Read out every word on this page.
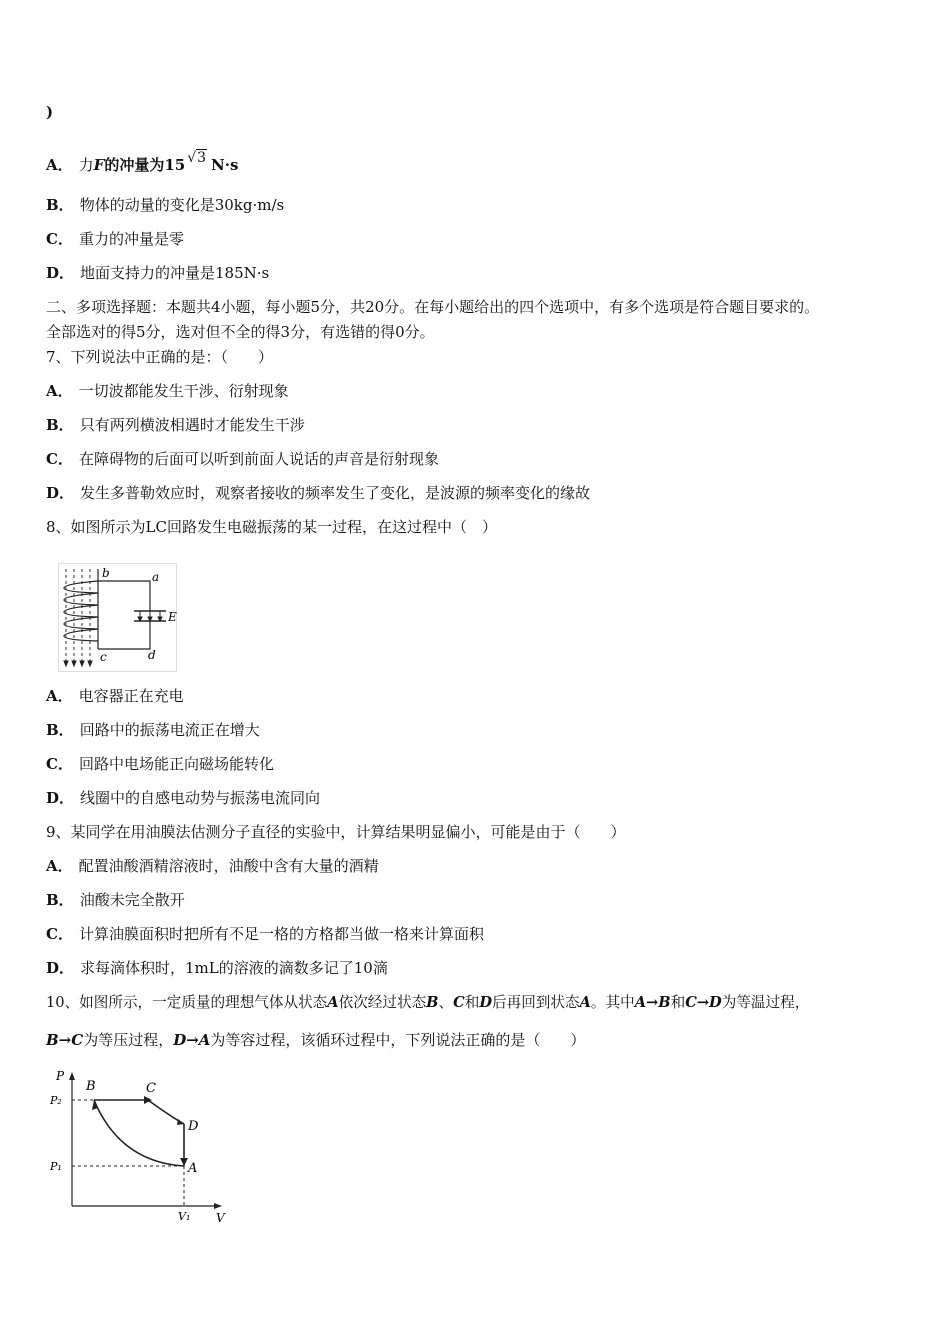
)
A． 力F的冲量为15 √3 N·s
B． 物体的动量的变化是30kg·m/s
C． 重力的冲量是零
D． 地面支持力的冲量是185N·s
二、多项选择题：本题共4小题，每小题5分，共20分。在每小题给出的四个选项中，有多个选项是符合题目要求的。
全部选对的得5分，选对但不全的得3分，有选错的得0分。
7、下列说法中正确的是：（　　）
A． 一切波都能发生干涉、衍射现象
B． 只有两列横波相遇时才能发生干涉
C． 在障碍物的后面可以听到前面人说话的声音是衍射现象
D． 发生多普勒效应时，观察者接收的频率发生了变化，是波源的频率变化的缘故
8、如图所示为LC回路发生电磁振荡的某一过程，在这过程中（　）
b	a
c	d
E
A． 电容器正在充电
B． 回路中的振荡电流正在增大
C． 回路中电场能正向磁场能转化
D． 线圈中的自感电动势与振荡电流同向
9、某同学在用油膜法估测分子直径的实验中，计算结果明显偏小，可能是由于（　　）
A． 配置油酸酒精溶液时，油酸中含有大量的酒精
B． 油酸未完全散开
C． 计算油膜面积时把所有不足一格的方格都当做一格来计算面积
D． 求每滴体积时，1mL的溶液的滴数多记了10滴
10、如图所示，一定质量的理想气体从状态A依次经过状态B、C和D后再回到状态A。其中A→B和C→D为等温过程，
B→C为等压过程，D→A为等容过程，该循环过程中，下列说法正确的是（　　）
P
V
P₂
P₁
V₁
B	C
D
A
